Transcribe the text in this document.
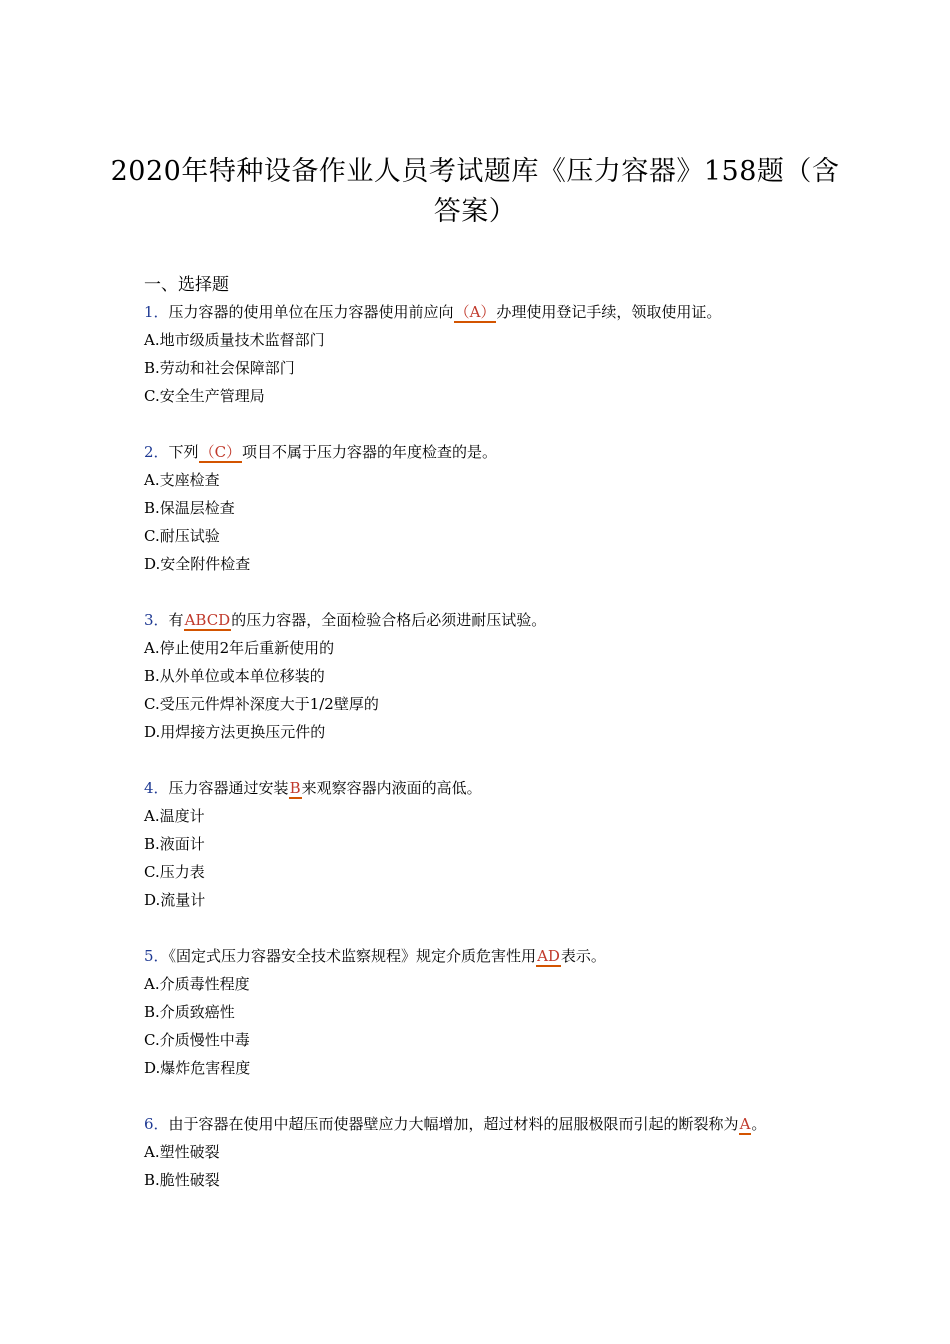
2020年特种设备作业人员考试题库《压力容器》158题（含答案）
一、选择题
1．压力容器的使用单位在压力容器使用前应向（A）办理使用登记手续，领取使用证。
A.地市级质量技术监督部门
B.劳动和社会保障部门
C.安全生产管理局
2．下列（C）项目不属于压力容器的年度检查的是。
A.支座检查
B.保温层检查
C.耐压试验
D.安全附件检查
3．有ABCD的压力容器，全面检验合格后必须进耐压试验。
A.停止使用2年后重新使用的
B.从外单位或本单位移装的
C.受压元件焊补深度大于1/2壁厚的
D.用焊接方法更换压元件的
4．压力容器通过安装B来观察容器内液面的高低。
A.温度计
B.液面计
C.压力表
D.流量计
5．《固定式压力容器安全技术监察规程》规定介质危害性用AD表示。
A.介质毒性程度
B.介质致癌性
C.介质慢性中毒
D.爆炸危害程度
6．由于容器在使用中超压而使器壁应力大幅增加，超过材料的屈服极限而引起的断裂称为A。
A.塑性破裂
B.脆性破裂
